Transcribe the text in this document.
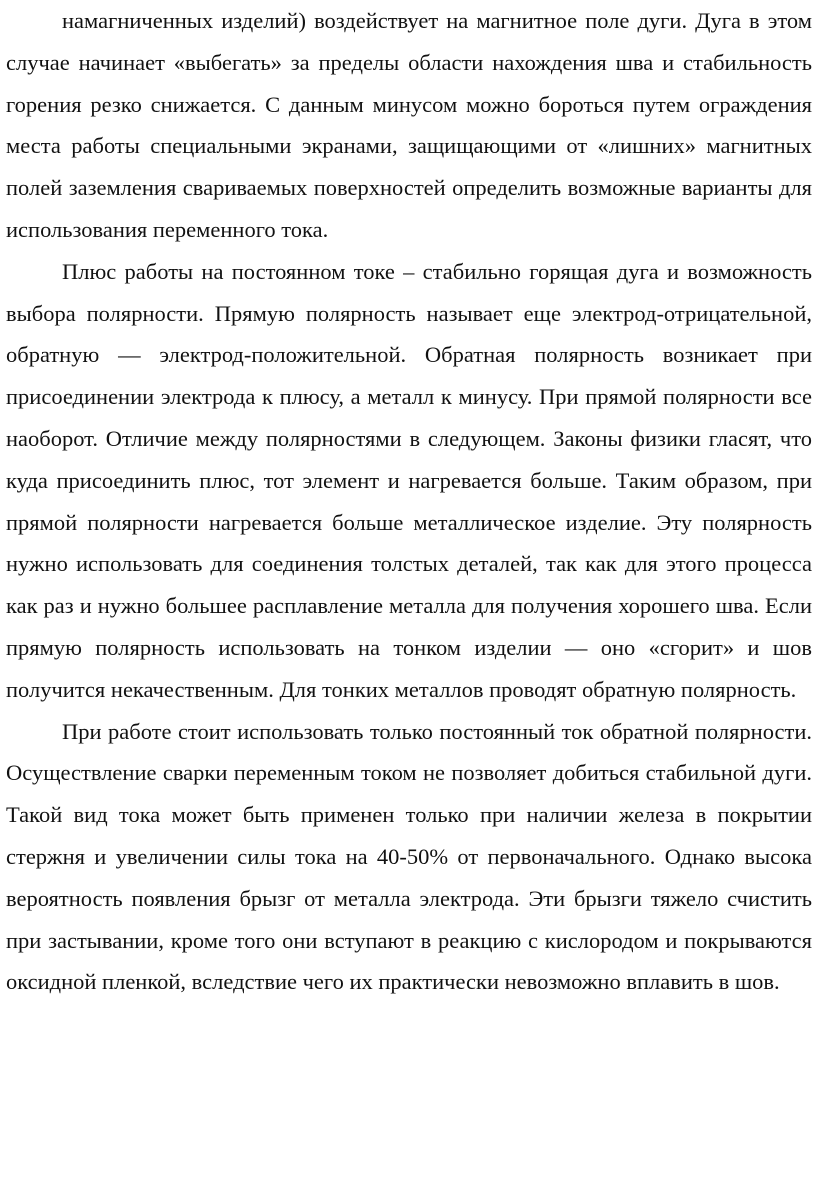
намагниченных изделий) воздействует на магнитное поле дуги. Дуга в этом случае начинает «выбегать» за пределы области нахождения шва и стабильность горения резко снижается. С данным минусом можно бороться путем ограждения места работы специальными экранами, защищающими от «лишних» магнитных полей заземления свариваемых поверхностей определить возможные варианты для использования переменного тока.

Плюс работы на постоянном токе – стабильно горящая дуга и возможность выбора полярности. Прямую полярность называет еще электрод-отрицательной, обратную — электрод-положительной. Обратная полярность возникает при присоединении электрода к плюсу, а металл к минусу. При прямой полярности все наоборот. Отличие между полярностями в следующем. Законы физики гласят, что куда присоединить плюс, тот элемент и нагревается больше. Таким образом, при прямой полярности нагревается больше металлическое изделие. Эту полярность нужно использовать для соединения толстых деталей, так как для этого процесса как раз и нужно большее расплавление металла для получения хорошего шва. Если прямую полярность использовать на тонком изделии — оно «сгорит» и шов получится некачественным. Для тонких металлов проводят обратную полярность.

При работе стоит использовать только постоянный ток обратной полярности. Осуществление сварки переменным током не позволяет добиться стабильной дуги. Такой вид тока может быть применен только при наличии железа в покрытии стержня и увеличении силы тока на 40-50% от первоначального. Однако высока вероятность появления брызг от металла электрода. Эти брызги тяжело счистить при застывании, кроме того они вступают в реакцию с кислородом и покрываются оксидной пленкой, вследствие чего их практически невозможно вплавить в шов.
